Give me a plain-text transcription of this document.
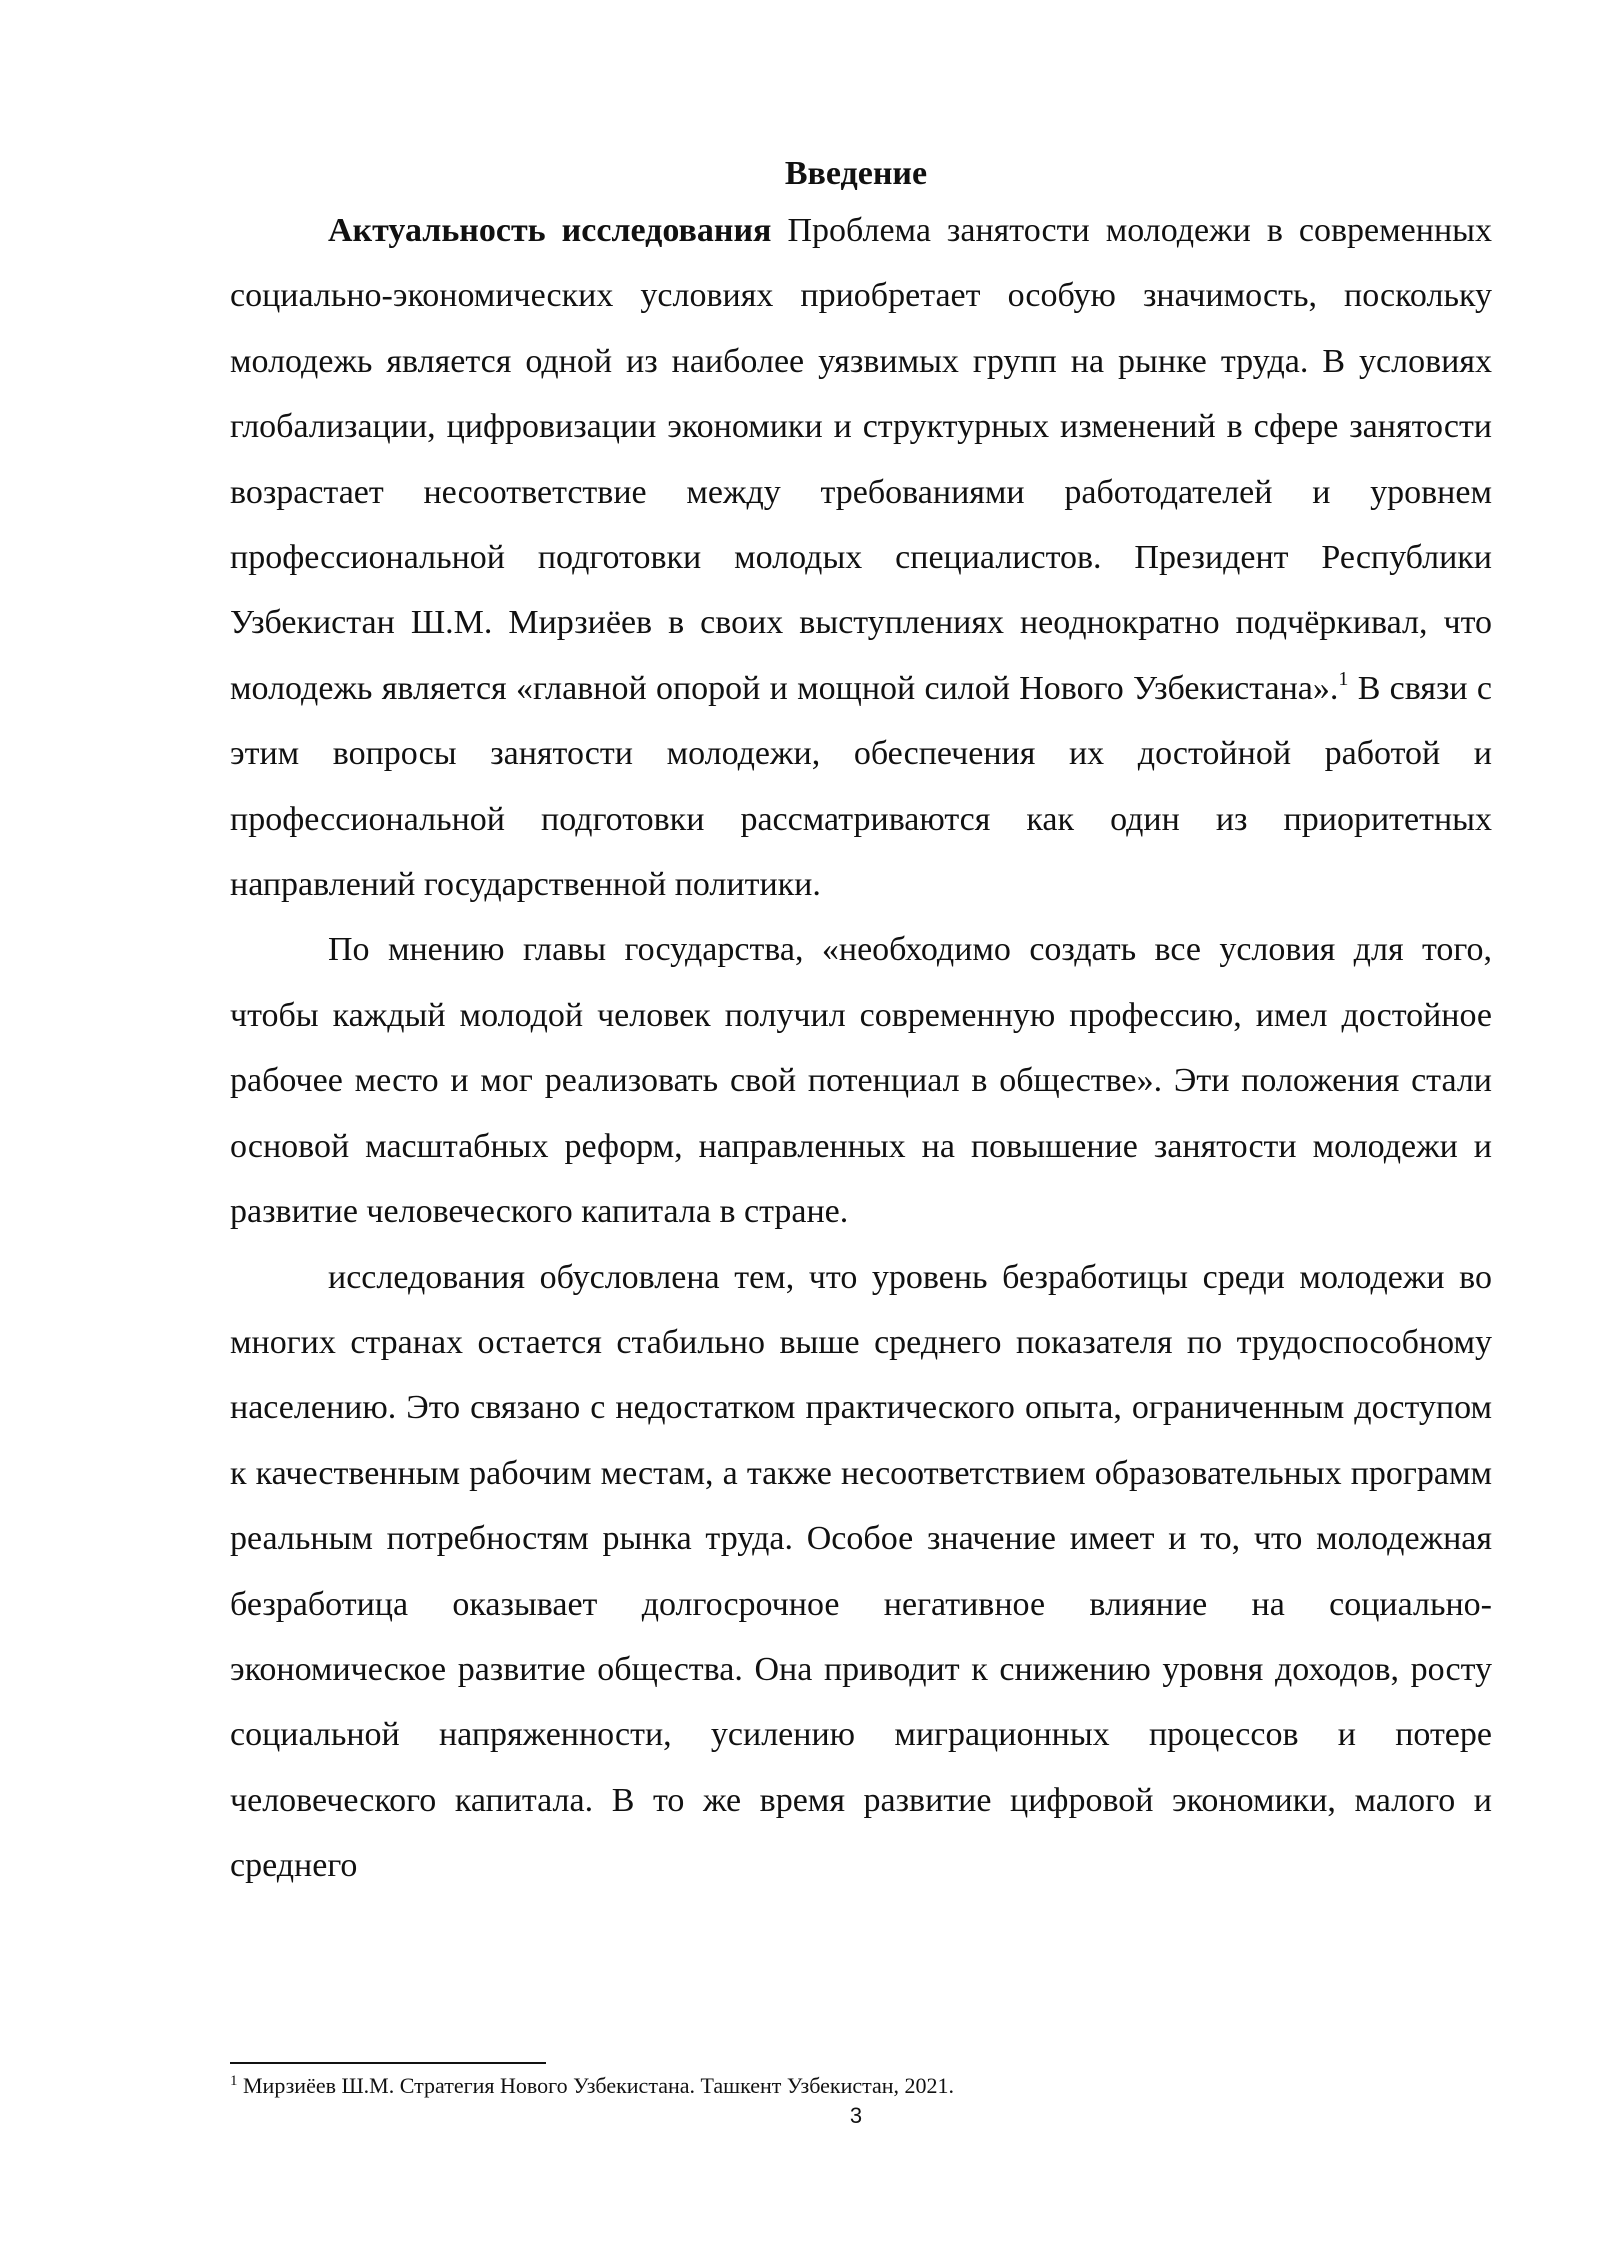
Введение

Актуальность исследования Проблема занятости молодежи в современных социально-экономических условиях приобретает особую значимость, поскольку молодежь является одной из наиболее уязвимых групп на рынке труда. В условиях глобализации, цифровизации экономики и структурных изменений в сфере занятости возрастает несоответствие между требованиями работодателей и уровнем профессиональной подготовки молодых специалистов. Президент Республики Узбекистан Ш.М. Мирзиёев в своих выступлениях неоднократно подчёркивал, что молодежь является «главной опорой и мощной силой Нового Узбекистана».$^1$ В связи с этим вопросы занятости молодежи, обеспечения их достойной работой и профессиональной подготовки рассматриваются как один из приоритетных направлений государственной политики.

По мнению главы государства, «необходимо создать все условия для того, чтобы каждый молодой человек получил современную профессию, имел достойное рабочее место и мог реализовать свой потенциал в обществе». Эти положения стали основой масштабных реформ, направленных на повышение занятости молодежи и развитие человеческого капитала в стране.

исследования обусловлена тем, что уровень безработицы среди молодежи во многих странах остается стабильно выше среднего показателя по трудоспособному населению. Это связано с недостатком практического опыта, ограниченным доступом к качественным рабочим местам, а также несоответствием образовательных программ реальным потребностям рынка труда. Особое значение имеет и то, что молодежная безработица оказывает долгосрочное негативное влияние на социально-экономическое развитие общества. Она приводит к снижению уровня доходов, росту социальной напряженности, усилению миграционных процессов и потере человеческого капитала. В то же время развитие цифровой экономики, малого и среднего

$^1$ Мирзиёев Ш.М. Стратегия Нового Узбекистана. Ташкент Узбекистан, 2021.
3
